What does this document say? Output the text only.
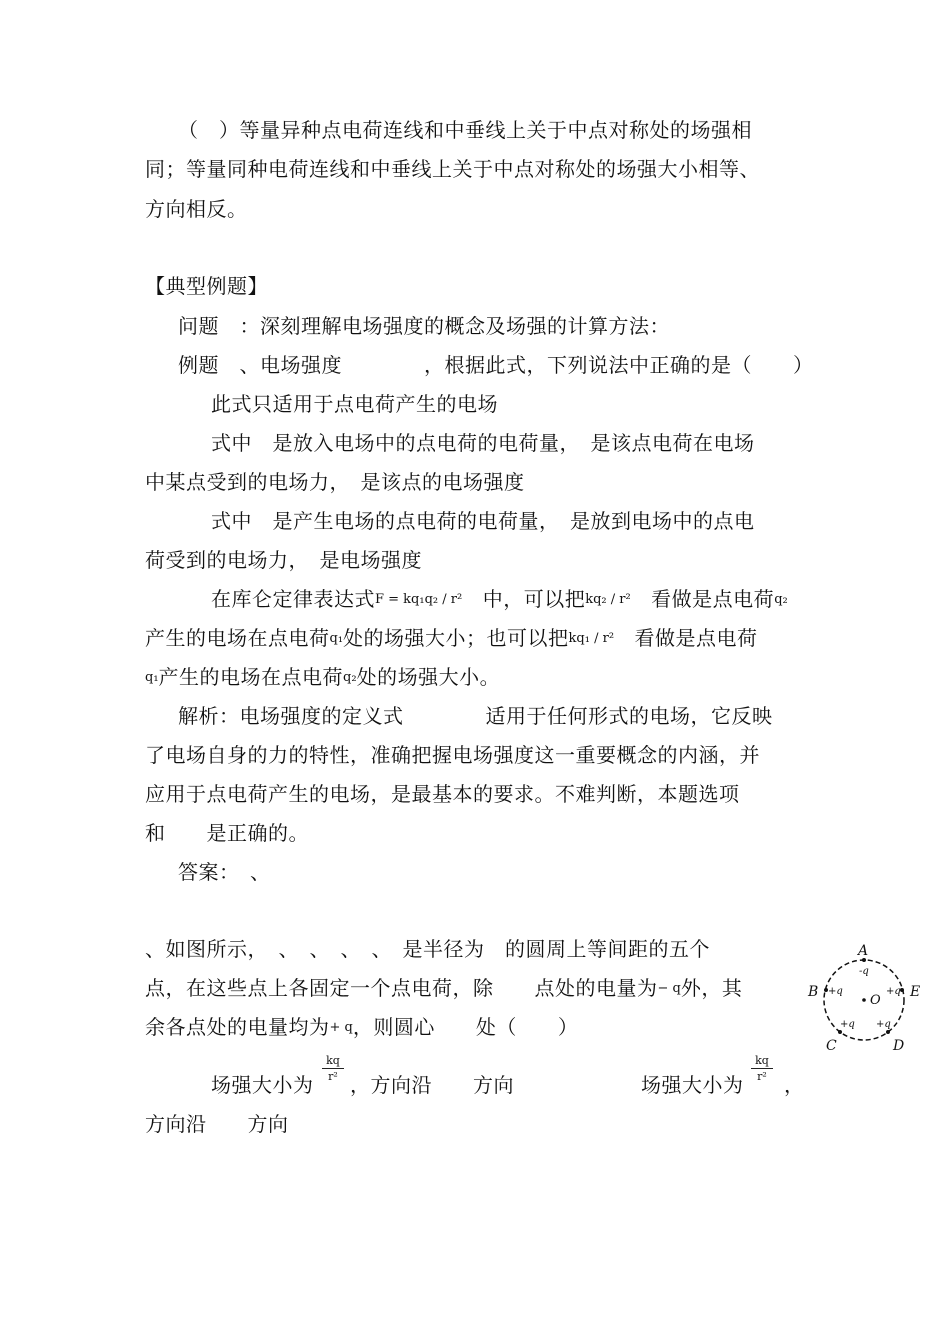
（　）等量异种点电荷连线和中垂线上关于中点对称处的场强相
同；等量同种电荷连线和中垂线上关于中点对称处的场强大小相等、
方向相反。
【典型例题】
问题　：深刻理解电场强度的概念及场强的计算方法：
例题　、电场强度　　　　，根据此式，下列说法中正确的是（　　）
此式只适用于点电荷产生的电场
式中　是放入电场中的点电荷的电荷量，　是该点电荷在电场
中某点受到的电场力，　是该点的电场强度
式中　是产生电场的点电荷的电荷量，　是放到电场中的点电
荷受到的电场力，　是电场强度
在库仑定律表达式F = kq₁q₂ / r²　中，可以把kq₂ / r²　看做是点电荷q₂
产生的电场在点电荷q₁处的场强大小；也可以把kq₁ / r²　看做是点电荷
q₁产生的电场在点电荷q₂处的场强大小。
解析：电场强度的定义式　　　　适用于任何形式的电场，它反映
了电场自身的力的特性，准确把握电场强度这一重要概念的内涵，并
应用于点电荷产生的电场，是最基本的要求。不难判断，本题选项
和　　是正确的。
答案：　、
、如图所示，　、　、　、　、　是半径为　的圆周上等间距的五个
点，在这些点上各固定一个点电荷，除　　点处的电量为− q外，其
余各点处的电量均为+ q，则圆心　　处（　　）
场强大小为
kq
r² ，方向沿　　方向	场强大小为
kq
r² ，
方向沿　　方向
A
B
C	D
E
O
-q
+q
+q +q
+q
